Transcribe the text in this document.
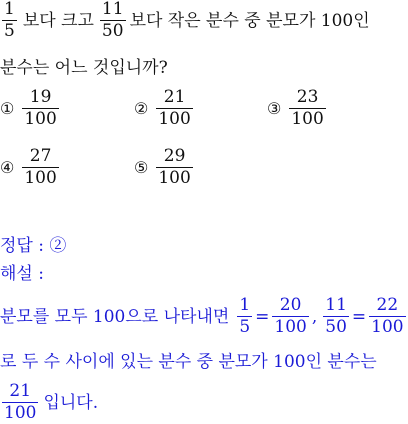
$\frac{1}{5}$ 보다 크고 $\frac{11}{50}$ 보다 작은 분수 중 분모가 100인
분수는 어느 것입니까?
① $\frac{19}{100}$	② $\frac{21}{100}$	③ $\frac{23}{100}$
④ $\frac{27}{100}$	⑤ $\frac{29}{100}$
정답 : ②
해설 :
분모를 모두 100으로 나타내면 $\frac{1}{5} = \frac{20}{100}$ , $\frac{11}{50} = \frac{22}{100}$
로 두 수 사이에 있는 분수 중 분모가 100인 분수는
$\frac{21}{100}$ 입니다.
